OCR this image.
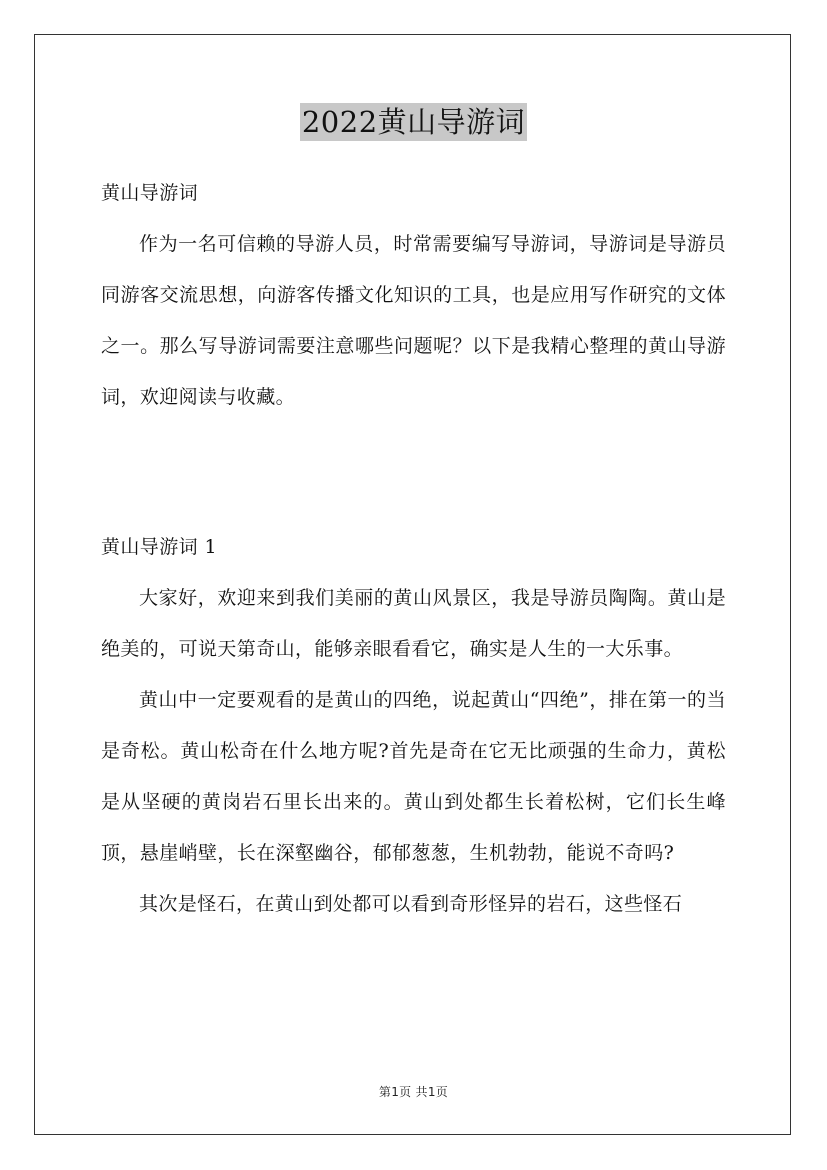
2022黄山导游词

黄山导游词

作为一名可信赖的导游人员，时常需要编写导游词，导游词是导游员同游客交流思想，向游客传播文化知识的工具，也是应用写作研究的文体之一。那么写导游词需要注意哪些问题呢？以下是我精心整理的黄山导游词，欢迎阅读与收藏。

黄山导游词 1

大家好，欢迎来到我们美丽的黄山风景区，我是导游员陶陶。黄山是绝美的，可说天第奇山，能够亲眼看看它，确实是人生的一大乐事。

黄山中一定要观看的是黄山的四绝，说起黄山“四绝”，排在第一的当是奇松。黄山松奇在什么地方呢?首先是奇在它无比顽强的生命力，黄松是从坚硬的黄岗岩石里长出来的。黄山到处都生长着松树，它们长生峰顶，悬崖峭壁，长在深壑幽谷，郁郁葱葱，生机勃勃，能说不奇吗?

其次是怪石，在黄山到处都可以看到奇形怪异的岩石，这些怪石

第1页 共1页
